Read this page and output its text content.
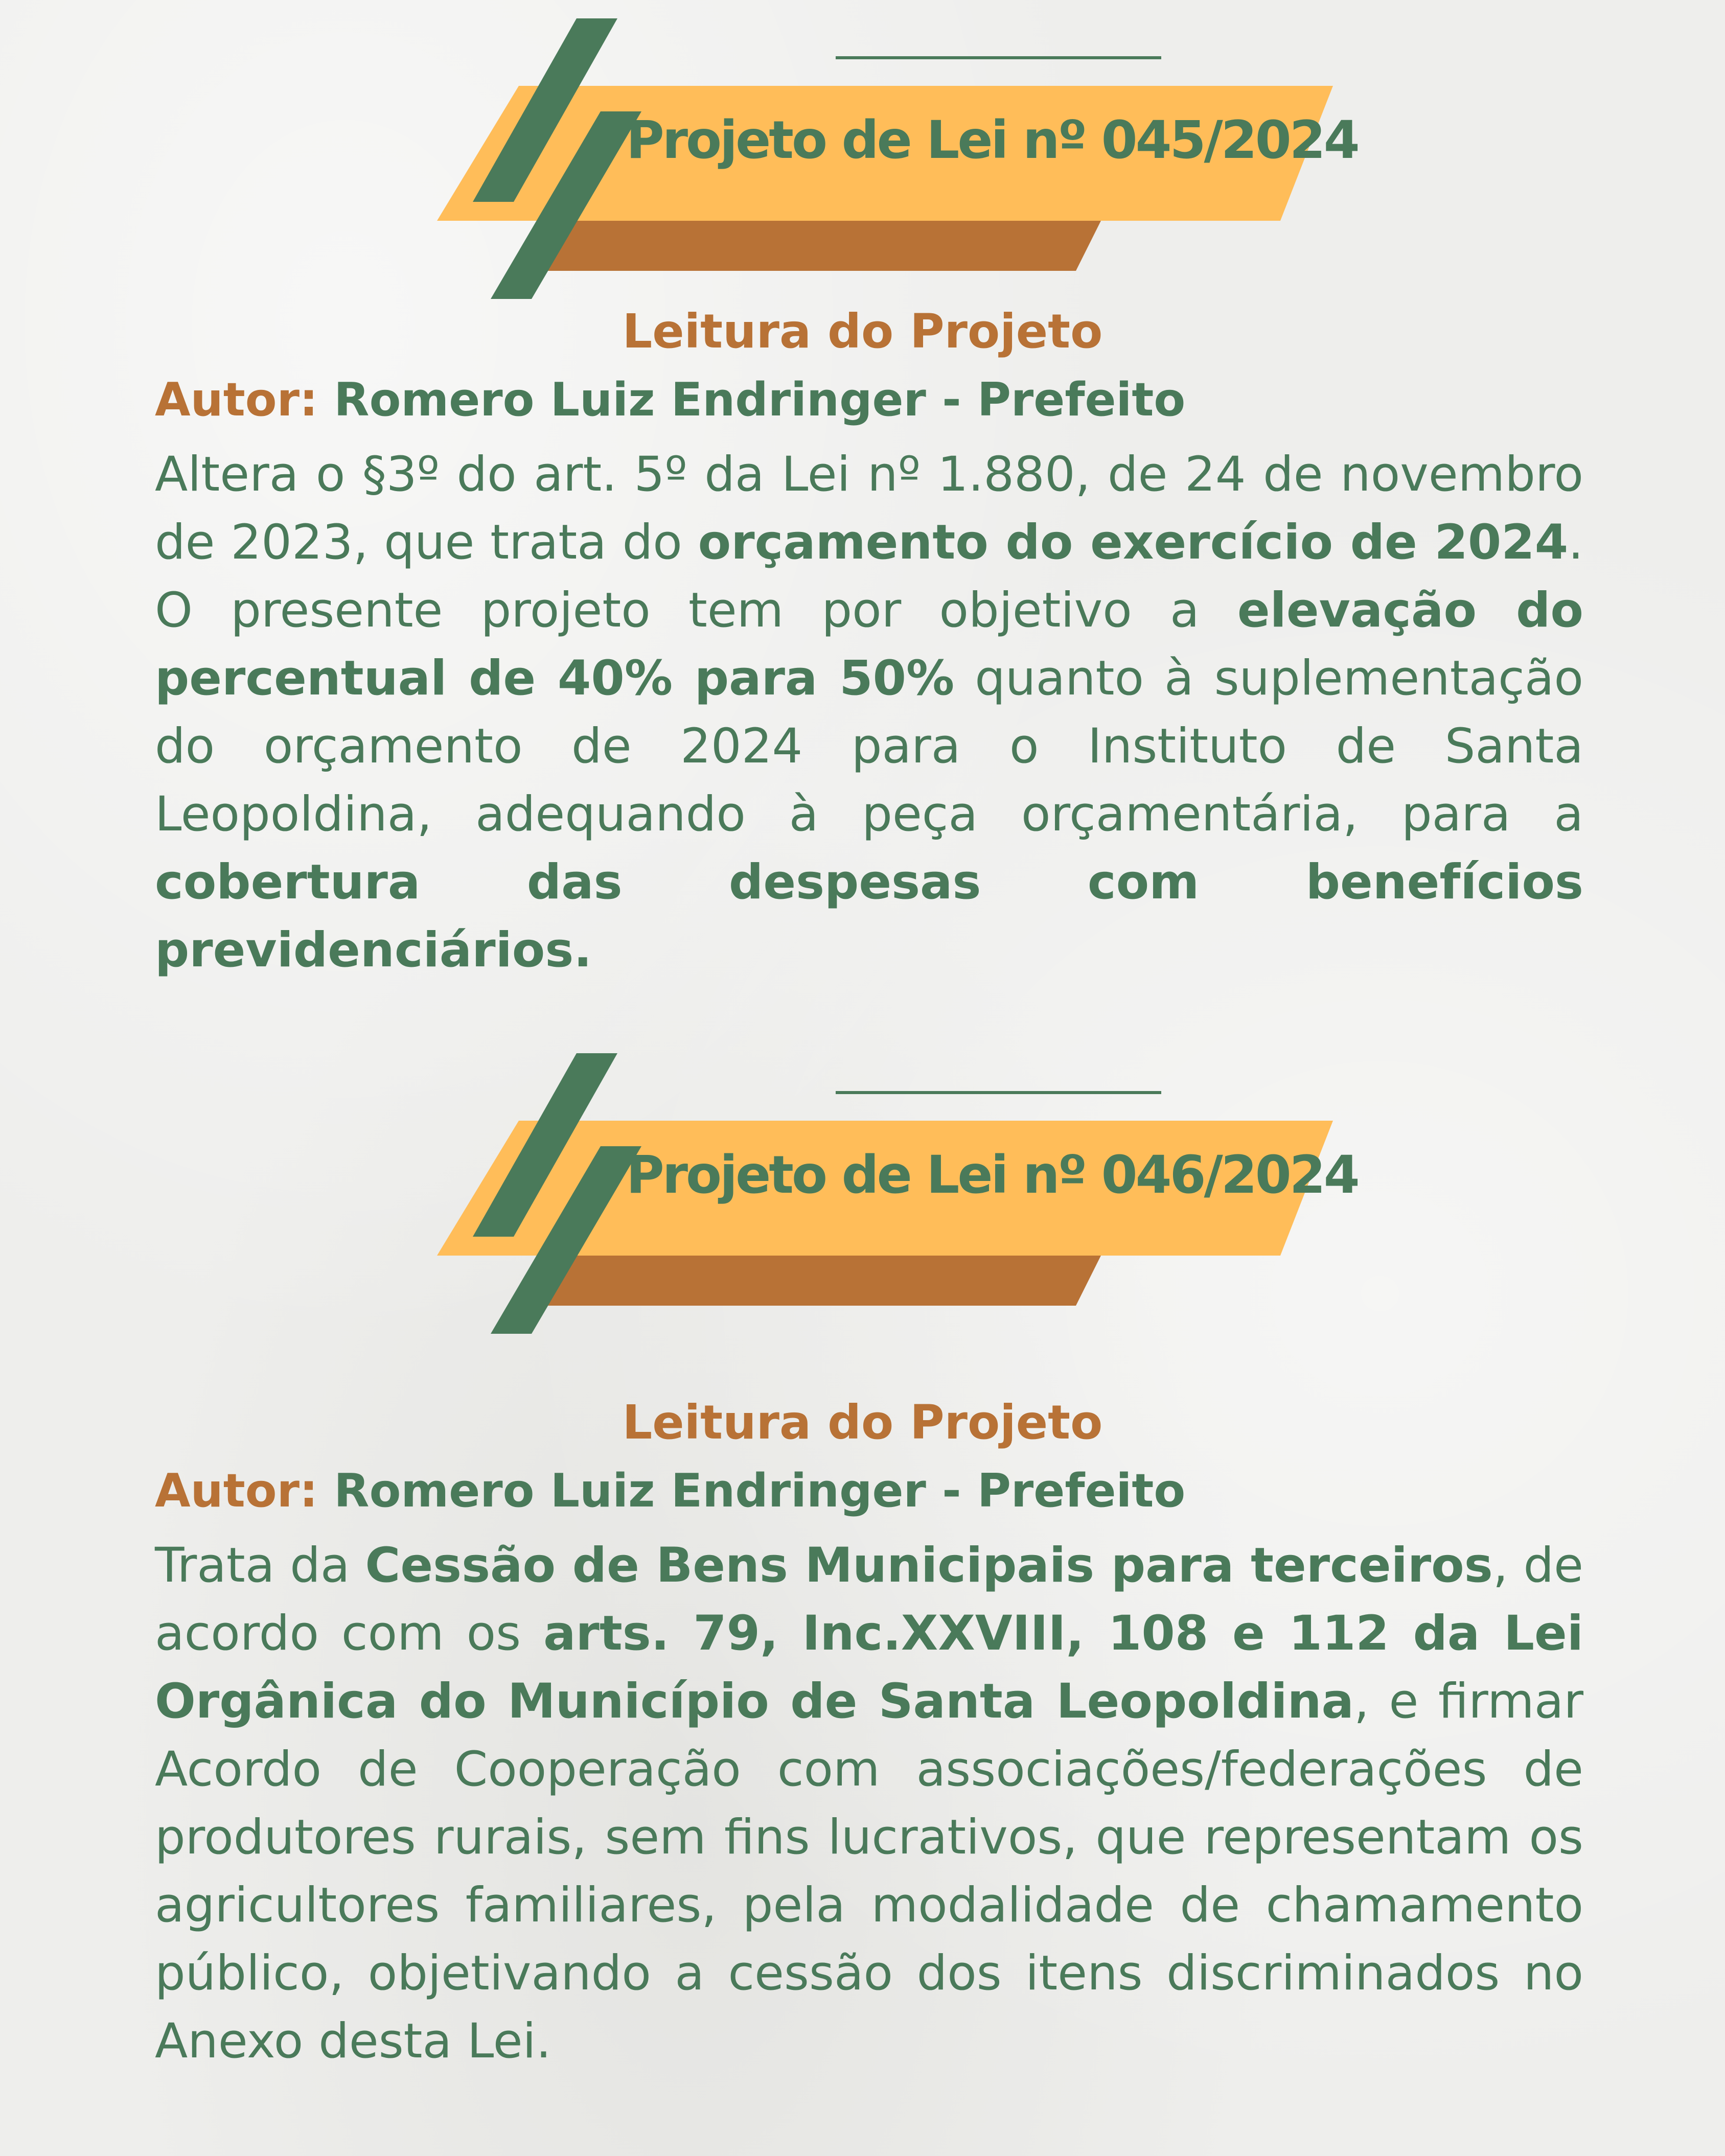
Projeto de Lei nº 045/2024
Leitura do Projeto
Autor: Romero Luiz Endringer - Prefeito

Altera o §3º do art. 5º da Lei nº 1.880, de 24 de novembro de 2023, que trata do orçamento do exercício de 2024. O presente projeto tem por objetivo a elevação do percentual de 40% para 50% quanto à suplementação do orçamento de 2024 para o Instituto de Santa Leopoldina, adequando à peça orçamentária, para a cobertura das despesas com benefícios previdenciários.

Projeto de Lei nº 046/2024
Leitura do Projeto
Autor: Romero Luiz Endringer - Prefeito

Trata da Cessão de Bens Municipais para terceiros, de acordo com os arts. 79, Inc.XXVIII, 108 e 112 da Lei Orgânica do Município de Santa Leopoldina, e firmar Acordo de Cooperação com associações/federações de produtores rurais, sem fins lucrativos, que representam os agricultores familiares, pela modalidade de chamamento público, objetivando a cessão dos itens discriminados no Anexo desta Lei.
